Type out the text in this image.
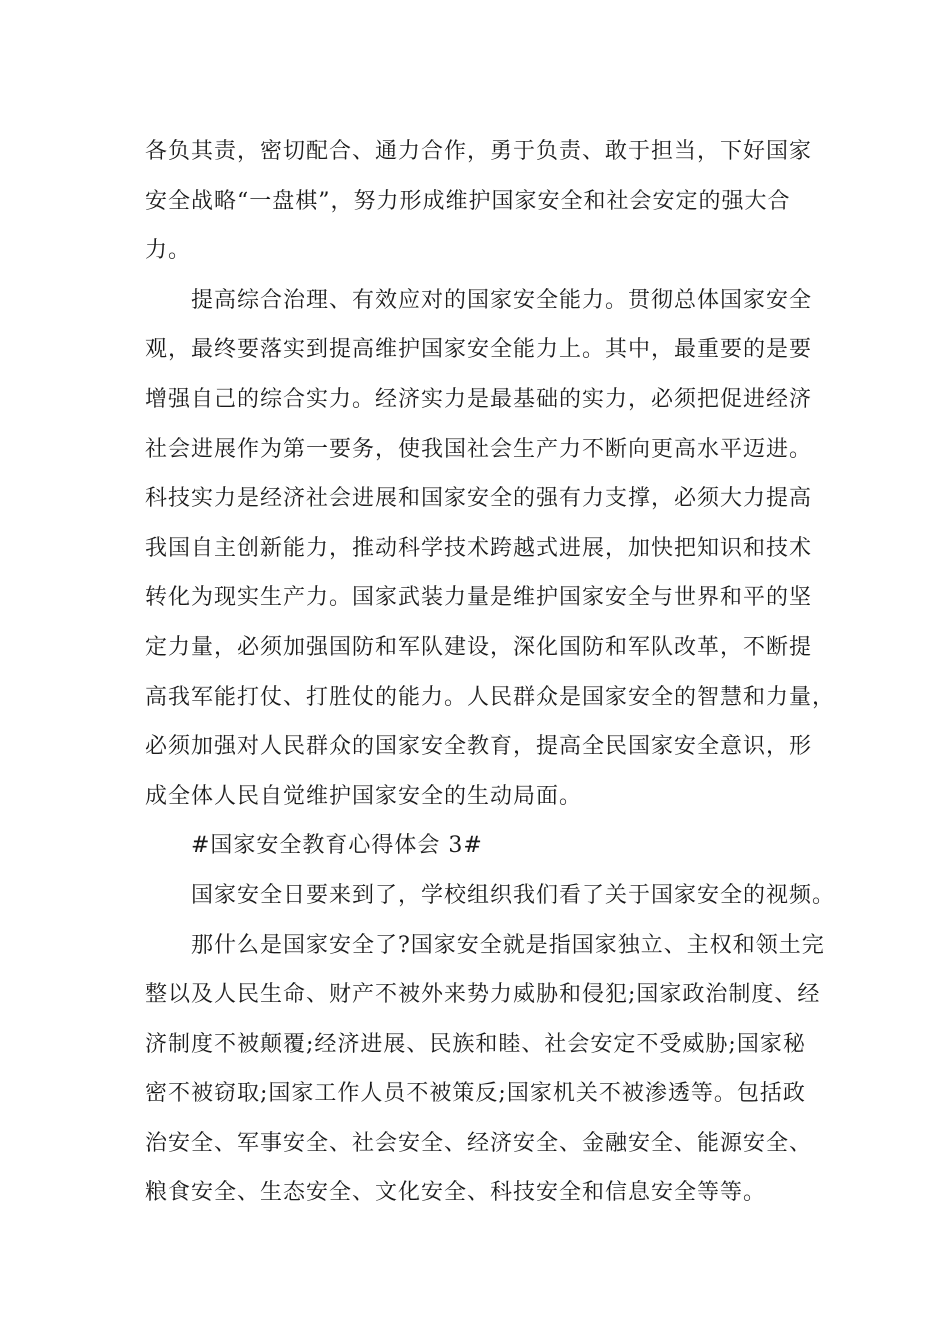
各负其责，密切配合、通力合作，勇于负责、敢于担当，下好国家
安全战略“一盘棋”，努力形成维护国家安全和社会安定的强大合
力。
提高综合治理、有效应对的国家安全能力。贯彻总体国家安全
观，最终要落实到提高维护国家安全能力上。其中，最重要的是要
增强自己的综合实力。经济实力是最基础的实力，必须把促进经济
社会进展作为第一要务，使我国社会生产力不断向更高水平迈进。
科技实力是经济社会进展和国家安全的强有力支撑，必须大力提高
我国自主创新能力，推动科学技术跨越式进展，加快把知识和技术
转化为现实生产力。国家武装力量是维护国家安全与世界和平的坚
定力量，必须加强国防和军队建设，深化国防和军队改革，不断提
高我军能打仗、打胜仗的能力。人民群众是国家安全的智慧和力量，
必须加强对人民群众的国家安全教育，提高全民国家安全意识，形
成全体人民自觉维护国家安全的生动局面。
#国家安全教育心得体会 3#
国家安全日要来到了，学校组织我们看了关于国家安全的视频。
那什么是国家安全了?国家安全就是指国家独立、主权和领土完
整以及人民生命、财产不被外来势力威胁和侵犯;国家政治制度、经
济制度不被颠覆;经济进展、民族和睦、社会安定不受威胁;国家秘
密不被窃取;国家工作人员不被策反;国家机关不被渗透等。包括政
治安全、军事安全、社会安全、经济安全、金融安全、能源安全、
粮食安全、生态安全、文化安全、科技安全和信息安全等等。
